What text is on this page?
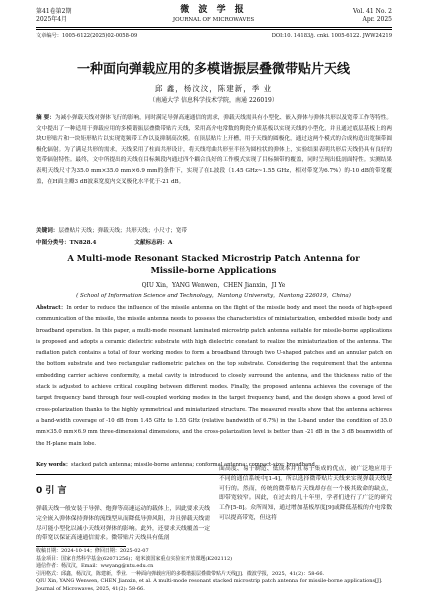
第41卷第2期
2025年4月
微 波 学 报
JOURNAL OF MICROWAVES
Vol. 41 No. 2
Apr. 2025
文章编号：1005-6122(2025)02-0058-09	DOI:10. 14183/j. cnki. 1005-6122. JWW24219
一种面向弹载应用的多模谐振层叠微带贴片天线
邱 鑫，杨汶汶，陈建新，季 业
（南通大学 信息科学技术学院，南通 226019）
摘 要：为减小弹载天线对弹体飞行的影响，同时满足导弹高速通信的需求，弹载天线需具有小型化、嵌入弹体与弹体共形以及宽带工作等特性。文中提出了一种适用于弹载应用的多模谐振层叠微带贴片天线，采用高介电常数的陶瓷介质基板以实现天线的小型化，并且通过底层基板上的两块U形贴片和一块矩形贴片以实现宽频带工作以及抑制高次模。在顶层贴片上开槽，用于天线的圆极化，通过这两个模式的合成构造出宽频带圆极化辐射。为了满足共形的需求，天线采用了柱面共形设计，将天线弯曲共形至半径为圆柱状的弹体上，实验结果表明共形后天线仍具有良好的宽带辐射特性。最终，文中所提出的天线在目标频段内通过四个耦合良好的工作模式实现了目标频带的覆盖，同时呈现出低剖面特性。实测结果表明天线尺寸为35.0 mm×35.0 mm×6.9 mm的条件下，实现了在L波段（1.45 GHz~1.55 GHz，相对带宽为6.7%）的-10 dB的带宽覆盖，在H面主瓣3 dB波束宽度内交叉极化水平优于-21 dB。
关键词：层叠贴片天线；弹载天线；共形天线；小尺寸；宽带
中图分类号：TN828.4	文献标志码：A
A Multi-mode Resonant Stacked Microstrip Patch Antenna for
Missile-borne Applications
QIU Xin，YANG Wenwen，CHEN Jianxin，JI Ye
( School of Information Science and Technology，Nantong University，Nantong 226019，China)
Abstract：In order to reduce the influence of the missile antenna on the flight of the missile body and meet the needs of high-speed communication of the missile, the missile antenna needs to possess the characteristics of miniaturization, embedded missile body and broadband operation. In this paper, a multi-mode resonant laminated microstrip patch antenna suitable for missile-borne applications is proposed and adopts a ceramic dielectric substrate with high dielectric constant to realize the miniaturization of the antenna. The radiation patch contains a total of four working modes to form a broadband through two U-shaped patches and an annular patch on the bottom substrate and two rectangular radiometric patches on the top substrate. Considering the requirement that the antenna embedding carrier achieve conformity, a metal cavity is introduced to closely surround the antenna, and the thickness ratio of the stack is adjusted to achieve critical coupling between different modes. Finally, the proposed antenna achieves the coverage of the target frequency band through four well-coupled working modes in the target frequency band, and the design shows a good level of cross-polarization thanks to the highly symmetrical and miniaturized structure. The measured results show that the antenna achieves a band-width coverage of -10 dB from 1.45 GHz to 1.55 GHz (relative bandwidth of 6.7%) in the L-band under the condition of 35.0 mm×35.0 mm×6.9 mm three-dimensional dimensions, and the cross-polarization level is better than -21 dB in the 3 dB beamwidth of the H-plane main lobe.
Key words：stacked patch antenna; missile-borne antenna; conformal antenna; compact-size; broadband
0 引 言
弹载天线一般安装于导弹、炮弹等高速运动的载体上，因此要求天线完全嵌入弹体保持弹体的流线型从而降低导弹风阻，并且弹载天线需尽可能小型化以减小天线对弹体的影响。此外，还要求天线覆盖一定的带宽以保证高速通信需求。微带贴片天线具有低剖
面高度、易于制造、低成本并且易于集成的优点，被广泛地应用于不同的通信系统中[1-4]，所以选择微带贴片天线来实现弹载天线是可行的。然而，传统的微带贴片天线却存在一个极其致命的缺点，即带宽较窄。因此，在过去的几十年里，学者们进行了广泛的研究工作[5-8]。众所周知，通过增加基板厚度[9]或降低基板的介电常数可以提高带宽，但这将
收稿日期：2024-10-14；修回日期：2025-02-07
基金项目：国家自然科学基金(62071256)；毫米波国家重点实验室开放课题(K202112)
通信作者：杨汶汶，Email：wwyang@ntu.edu.cn
引用格式：邱鑫，杨汶汶，陈建新，季业．一种面向弹载应用的多模谐振层叠微带贴片天线[J]．微波学报，2025，41(2)：58-66.
QIU Xin, YANG Wenwen, CHEN Jianxin, et al. A multi-mode resonant stacked microstrip patch antenna for missile-borne applications[J]. Journal of Microwaves, 2025, 41(2): 58-66.
